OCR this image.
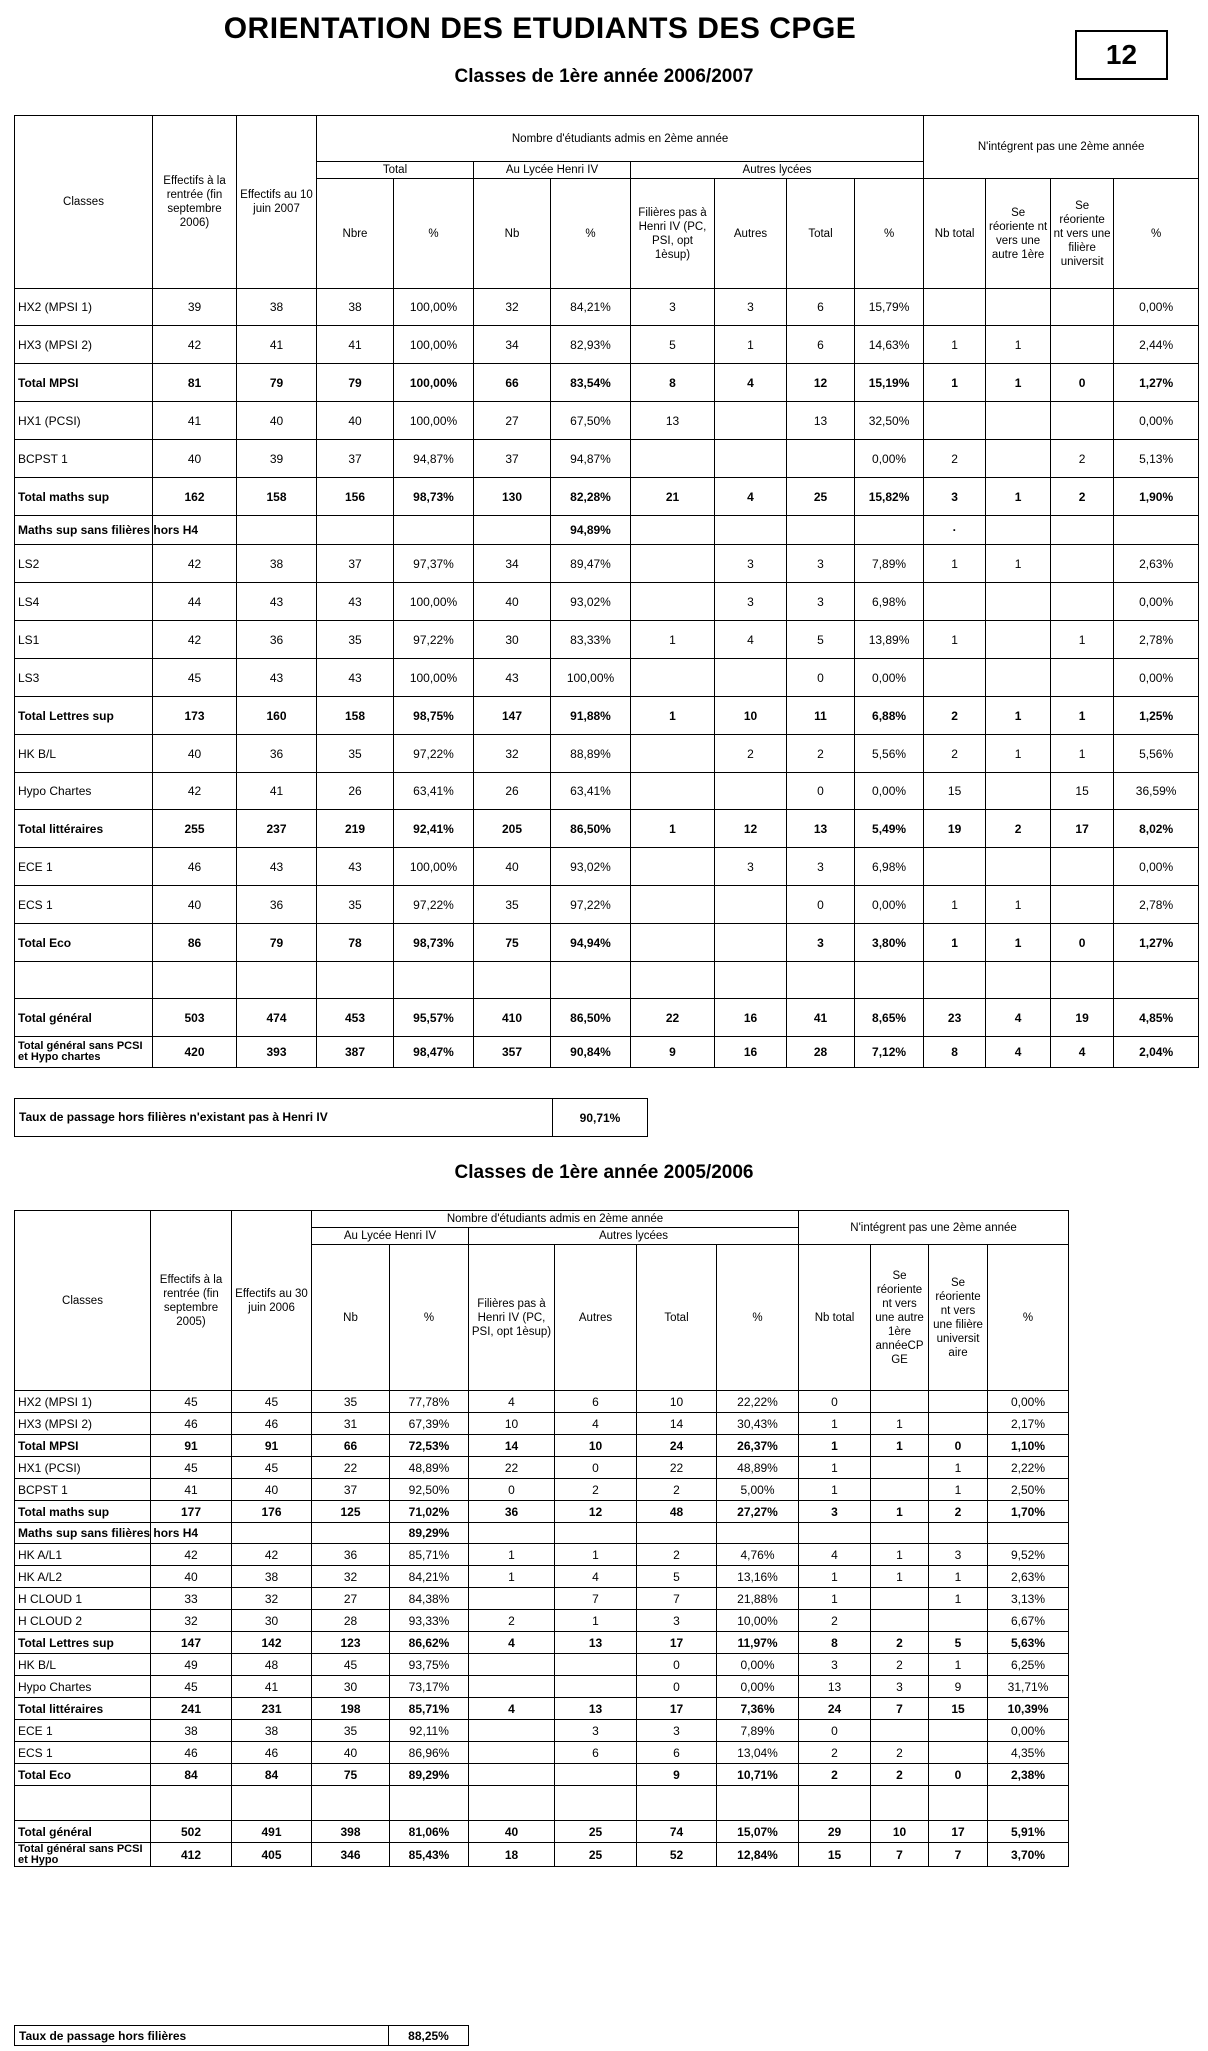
ORIENTATION DES ETUDIANTS DES CPGE
12
Classes de 1ère année 2006/2007
Classes	Effectifs à la rentrée (fin septembre 2006)	Effectifs au 10 juin 2007	Nombre d'étudiants admis en 2ème année								N'intégrent pas une 2ème année			
			Total		Au Lycée Henri IV		Autres lycées							
			Nbre	%	Nb	%	Filières pas à Henri IV (PC, PSI, opt 1èsup)	Autres	Total	%	Nb total	Se réoriente nt vers une autre 1ère	Se réoriente nt vers une filière universit	%
HX2 (MPSI 1)	39	38	38	100,00%	32	84,21%	3	3	6	15,79%				0,00%
HX3 (MPSI 2)	42	41	41	100,00%	34	82,93%	5	1	6	14,63%	1	1		2,44%
Total MPSI	81	79	79	100,00%	66	83,54%	8	4	12	15,19%	1	1	0	1,27%
HX1 (PCSI)	41	40	40	100,00%	27	67,50%	13		13	32,50%				0,00%
BCPST 1	40	39	37	94,87%	37	94,87%				0,00%	2		2	5,13%
Total maths sup	162	158	156	98,73%	130	82,28%	21	4	25	15,82%	3	1	2	1,90%
Maths sup sans filières hors H4						94,89%					·			
LS2	42	38	37	97,37%	34	89,47%		3	3	7,89%	1	1		2,63%
LS4	44	43	43	100,00%	40	93,02%		3	3	6,98%				0,00%
LS1	42	36	35	97,22%	30	83,33%	1	4	5	13,89%	1		1	2,78%
LS3	45	43	43	100,00%	43	100,00%			0	0,00%				0,00%
Total Lettres sup	173	160	158	98,75%	147	91,88%	1	10	11	6,88%	2	1	1	1,25%
HK B/L	40	36	35	97,22%	32	88,89%		2	2	5,56%	2	1	1	5,56%
Hypo Chartes	42	41	26	63,41%	26	63,41%			0	0,00%	15		15	36,59%
Total littéraires	255	237	219	92,41%	205	86,50%	1	12	13	5,49%	19	2	17	8,02%
ECE 1	46	43	43	100,00%	40	93,02%		3	3	6,98%				0,00%
ECS 1	40	36	35	97,22%	35	97,22%			0	0,00%	1	1		2,78%
Total Eco	86	79	78	98,73%	75	94,94%			3	3,80%	1	1	0	1,27%

Total général	503	474	453	95,57%	410	86,50%	22	16	41	8,65%	23	4	19	4,85%
Total général sans PCSI et Hypo chartes	420	393	387	98,47%	357	90,84%	9	16	28	7,12%	8	4	4	2,04%
Taux de passage hors filières n'existant pas à Henri IV	90,71%
Classes de 1ère année 2005/2006
Classes	Effectifs à la rentrée (fin septembre 2005)	Effectifs au 30 juin 2006	Nombre d'étudiants admis en 2ème année						N'intégrent pas une 2ème année			
			Au Lycée Henri IV		Autres lycées							
			Nb	%	Filières pas à Henri IV (PC, PSI, opt 1èsup)	Autres	Total	%	Nb total	Se réoriente nt vers une autre 1ère annéeCP GE	Se réoriente nt vers une filière universit aire	%
HX2 (MPSI 1)	45	45	35	77,78%	4	6	10	22,22%	0			0,00%
HX3 (MPSI 2)	46	46	31	67,39%	10	4	14	30,43%	1	1		2,17%
Total MPSI	91	91	66	72,53%	14	10	24	26,37%	1	1	0	1,10%
HX1 (PCSI)	45	45	22	48,89%	22	0	22	48,89%	1		1	2,22%
BCPST 1	41	40	37	92,50%	0	2	2	5,00%	1		1	2,50%
Total maths sup	177	176	125	71,02%	36	12	48	27,27%	3	1	2	1,70%
Maths sup sans filières hors H4				89,29%								
HK A/L1	42	42	36	85,71%	1	1	2	4,76%	4	1	3	9,52%
HK A/L2	40	38	32	84,21%	1	4	5	13,16%	1	1	1	2,63%
H CLOUD 1	33	32	27	84,38%		7	7	21,88%	1		1	3,13%
H CLOUD 2	32	30	28	93,33%	2	1	3	10,00%	2			6,67%
Total Lettres sup	147	142	123	86,62%	4	13	17	11,97%	8	2	5	5,63%
HK B/L	49	48	45	93,75%			0	0,00%	3	2	1	6,25%
Hypo Chartes	45	41	30	73,17%			0	0,00%	13	3	9	31,71%
Total littéraires	241	231	198	85,71%	4	13	17	7,36%	24	7	15	10,39%
ECE 1	38	38	35	92,11%		3	3	7,89%	0			0,00%
ECS 1	46	46	40	86,96%		6	6	13,04%	2	2		4,35%
Total Eco	84	84	75	89,29%			9	10,71%	2	2	0	2,38%

Total général	502	491	398	81,06%	40	25	74	15,07%	29	10	17	5,91%
Total général sans PCSI et Hypo	412	405	346	85,43%	18	25	52	12,84%	15	7	7	3,70%
Taux de passage hors filières	88,25%
